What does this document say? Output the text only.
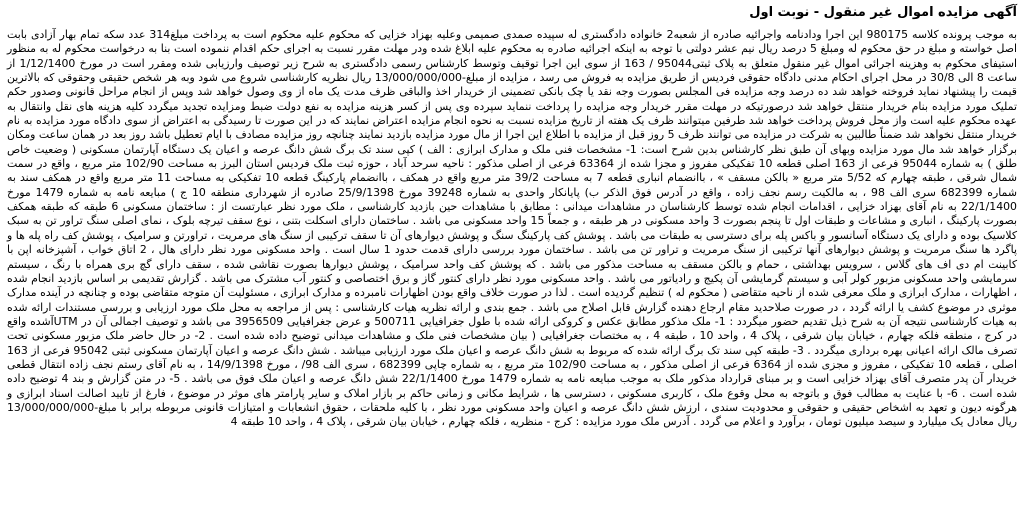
آگهی مزایده اموال غیر منقول - نوبت اول

به موجب پرونده کلاسه 980175 این اجرا ودادنامه واجرائیه صادره از شعبه2 خانواده دادگستری له سپیده صمدی صمیمی وعلیه بهزاد خزایی که محکوم علیه محکوم است به پرداخت مبلغ314 عدد سکه تمام بهار آزادی بابت اصل خواسته و مبلغ در حق محکوم له ومبلغ 5 درصد ریال نیم عشر دولتی با توجه به اینکه اجرائیه صادره به محکوم علیه ابلاغ شده ودر مهلت مقرر نسبت به اجرای حکم اقدام ننموده است بنا به درخواست محکوم له به منظور استیفای محکوم به وهزینه اجرائی اموال غیر منقول متعلق به پلاک ثبتی95044 / 163 از سوی این اجرا توقیف وتوسط کارشناس رسمی دادگستری به شرح زیر توصیف وارزیابی شده ومقرر است در مورخ 1/12/1400 از ساعت 8 الی 30/8 در محل اجرای احکام مدنی دادگاه حقوقی فردیس از طریق مزایده به فروش می رسد ، مزایده از مبلغ-13/000/000/000 ریال نظریه کارشناسی شروع می شود وبه هر شخص حقیقی وحقوقی که بالاترین قیمت را پیشنهاد نماید فروخته خواهد شد ده درصد وجه مزایده فی المجلس بصورت وجه نقد یا چک بانکی تضمینی از خریدار اخذ والباقی ظرف مدت یک ماه از وی وصول خواهد شد وپس از انجام مراحل قانونی وصدور حکم تملیک مورد مزایده بنام خریدار منتقل خواهد شد درصورتیکه در مهلت مقرر خریدار وجه مزایده را پرداخت ننماید سپرده وی پس از کسر هزینه مزایده به نفع دولت ضبط ومزایده تجدید میگردد کلیه هزینه های نقل وانتقال به عهده محکوم علیه است واز محل فروش پرداخت خواهد شد طرفین میتوانند ظرف یک هفته از تاریخ مزایده نسبت به نحوه انجام مزایده اعتراض نمایند که در این صورت تا رسیدگی به اعتراض از سوی دادگاه مورد مزایده به نام خریدار منتقل نخواهد شد ضمناً طالبین به شرکت در مزایده می توانند ظرف 5 روز قبل از مزایده با اطلاع این اجرا از مال مورد مزایده بازدید نمایند چنانچه روز مزایده مصادف با ایام تعطیل باشد روز بعد در همان ساعت ومکان برگزار خواهد شد مال مورد مزایده وبهای آن طبق نظر کارشناس بدین شرح است: 1- مشخصات فنی ملک و مدارک ابرازی : الف ) کپی سند تک برگ شش دانگ عرصه و اعیان یک دستگاه آپارتمان مسکونی ( وضعیت خاص طلق ) به شماره 95044 فرعی از 163 اصلی قطعه 10 تفکیکی مفروز و مجزا شده از 63364 فرعی از اصلی مذکور : ناحیه سرحد آباد ، حوزه ثبت ملک فردیس استان البرز به مساحت 102/90 متر مربع ، واقع در سمت شمال شرقی ، طبقه چهارم که 5/52 متر مربع « بالکن مسقف » ، باانضمام انباری قطعه 7 به مساحت 39/2 متر مربع واقع در همکف ، باانضمام پارکینگ قطعه 10 تفکیکی به مساحت 11 متر مربع واقع در همکف سند به شماره 682399 سری الف 98 ، به مالکیت رسم نجف زاده ، واقع در آدرس فوق الذکر ب) پایانکار واحدی به شماره 39248 مورخ 25/9/1398 صادره از شهرداری منطقه 10 ج ) مبایعه نامه به شماره 1479 مورخ 22/1/1400 به نام آقای بهزاد خزایی ، اقدامات انجام شده توسط کارشناسان در مشاهدات میدانی : مطابق با مشاهدات حین بازدید کارشناسی ، ملک مورد نظر عبارتست از : ساختمان مسکونی 6 طبقه که طبقه همکف بصورت پارکینگ ، انباری و مشاعات و طبقات اول تا پنجم بصورت 3 واحد مسکونی در هر طبقه ، و جمعاً 15 واحد مسکونی می باشد . ساختمان دارای اسکلت بتنی ، نوع سقف تیرچه بلوک ، نمای اصلی سنگ تراور تن به سبک کلاسیک بوده و دارای یک دستگاه آسانسور و باکس پله برای دسترسی به طبقات می باشد . پوشش کف پارکینگ سنگ و پوشش دیوارهای آن تا سقف ترکیبی از سنگ های مرمریت ، تراورتن و سرامیک ، پوشش کف راه پله ها و پاگرد ها سنگ مرمریت و پوشش دیوارهای آنها ترکیبی از سنگ مرمریت و تراور تن می باشد . ساختمان مورد بررسی دارای قدمت حدود 1 سال است . واحد مسکونی مورد نظر دارای هال ، 2 اتاق خواب ، آشپزخانه اپن با کابینت ام دی اف های گلاس ، سرویس بهداشتی ، حمام و بالکن مسقف به مساحت مذکور می باشد . که پوشش کف واحد سرامیک ، پوشش دیوارها بصورت نقاشی شده ، سقف دارای گچ بری همراه با رنگ ، سیستم سرمایشی واحد مسکونی مزبور کولر آبی و سیستم گرمایشی آن پکیج و رادیاتور می باشد . واحد مسکونی مورد نظر دارای کنتور گاز و برق اختصاصی و کنتور آب مشترک می باشد . گزارش تقدیمی بر اساس بازدید انجام شده ، اظهارات ، مدارک ابرازی و ملک معرفی شده از ناحیه متقاضی ( محکوم له ) تنظیم گردیده است . لذا در صورت خلاف واقع بودن اظهارات نامبرده و مدارک ابرازی ، مسئولیت آن متوجه متقاضی بوده و چنانچه در آینده مدارک موثری در موضوع کشف یا ارائه گردد ، در صورت صلاحدید مقام ارجاع دهنده گزارش قابل اصلاح می باشد . جمع بندی و ارائه نظریه هیات کارشناسی : پس از مراجعه به محل ملک مورد ارزیابی و بررسی مستندات ارائه شده به هیات کارشناسی نتیجه آن به شرح ذیل تقدیم حضور میگردد : 1- ملک مذکور مطابق عکس و کروکی ارائه شده با طول جغرافیایی 500711 و عرض جغرافیایی 3956509 می باشد و توصیف اجمالی آن در UTMآشده واقع در کرج ، منطقه فلکه چهارم ، خیابان بیان شرقی ، پلاک 4 ، واحد 10 ، طبقه 4 ، به مختصات جغرافیایی ( بیان مشخصات فنی ملک و مشاهدات میدانی توضیح داده شده است . 2- در حال حاضر ملک مزبور مسکونی تحت تصرف مالک ارائه اعیانی بهره برداری میگردد . 3- طبقه کپی سند تک برگ ارائه شده که مربوط به شش دانگ عرصه و اعیان ملک مورد ارزیابی میباشد . شش دانگ عرصه و اعیان آپارتمان مسکونی ثبتی 95042 فرعی از 163 اصلی ، قطعه 10 تفکیکی ، مفروز و مجزی شده از 6364 فرعی از اصلی مذکور ، به مساحت 102/90 متر مربع ، به شماره چاپی 682399 ، سری الف 98/ ، مورخ 14/9/1398 ، به نام آقای رستم نجف زاده انتقال قطعی خریدار آن پدر متصرف آقای بهزاد خزایی است و بر مبنای قرارداد مذکور ملک به موجب مبایعه نامه به شماره 1479 مورخ 22/1/1400 شش دانگ عرصه و اعیان ملک فوق می باشد . 5- در متن گزارش و بند 4 توضیح داده شده است . 6- با عنایت به مطالب فوق و باتوجه به محل وقوع ملک ، کاربری مسکونی ، دسترسی ها ، شرایط مکانی و زمانی حاکم بر بازار املاک و سایر پارامتر های موثر در موضوع ، فارغ از تایید اصالت اسناد ابرازی و هرگونه دیون و تعهد به اشخاص حقیقی و حقوقی و محدودیت سندی ، ارزش شش دانگ عرصه و اعیان واحد مسکونی مورد نظر ، با کلیه ملحقات ، حقوق انشعابات و امتیازات قانونی مربوطه برابر با مبلغ-13/000/000/000 ریال معادل یک میلیارد و سیصد میلیون تومان ، برآورد و اعلام می گردد . آدرس ملک مورد مزایده : کرج - منظریه ، فلکه چهارم ، خیابان بیان شرقی ، پلاک 4 ، واحد 10 طبقه 4
